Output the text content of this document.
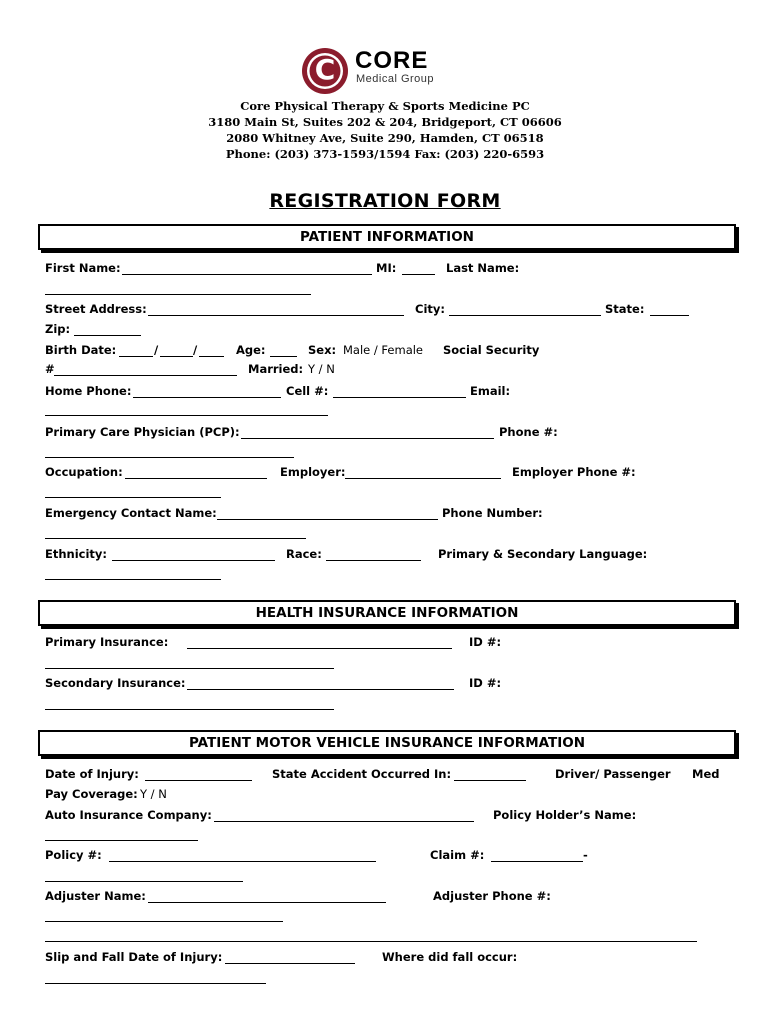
C CORE
Medical Group
Core Physical Therapy & Sports Medicine PC
3180 Main St, Suites 202 & 204, Bridgeport, CT 06606
2080 Whitney Ave, Suite 290, Hamden, CT 06518
Phone: (203) 373-1593/1594 Fax: (203) 220-6593
REGISTRATION FORM
PATIENT INFORMATION
First Name:	MI:	Last Name:
Street Address:	City:	State:
Zip:
Birth Date:	/	/	Age:	Sex: Male / Female Social Security
#	Married: Y / N
Home Phone:	Cell #:	Email:
Primary Care Physician (PCP):	Phone #:
Occupation:	Employer:	Employer Phone #:
Emergency Contact Name:	Phone Number:
Ethnicity:	Race:	Primary & Secondary Language:
HEALTH INSURANCE INFORMATION
Primary Insurance:	ID #:
Secondary Insurance:	ID #:
PATIENT MOTOR VEHICLE INSURANCE INFORMATION
Date of Injury:	State Accident Occurred In:	Driver/ Passenger Med
Pay Coverage: Y / N
Auto Insurance Company:	Policy Holder’s Name:
Policy #:	Claim #:	-
Adjuster Name:	Adjuster Phone #:
Slip and Fall Date of Injury:	Where did fall occur:
